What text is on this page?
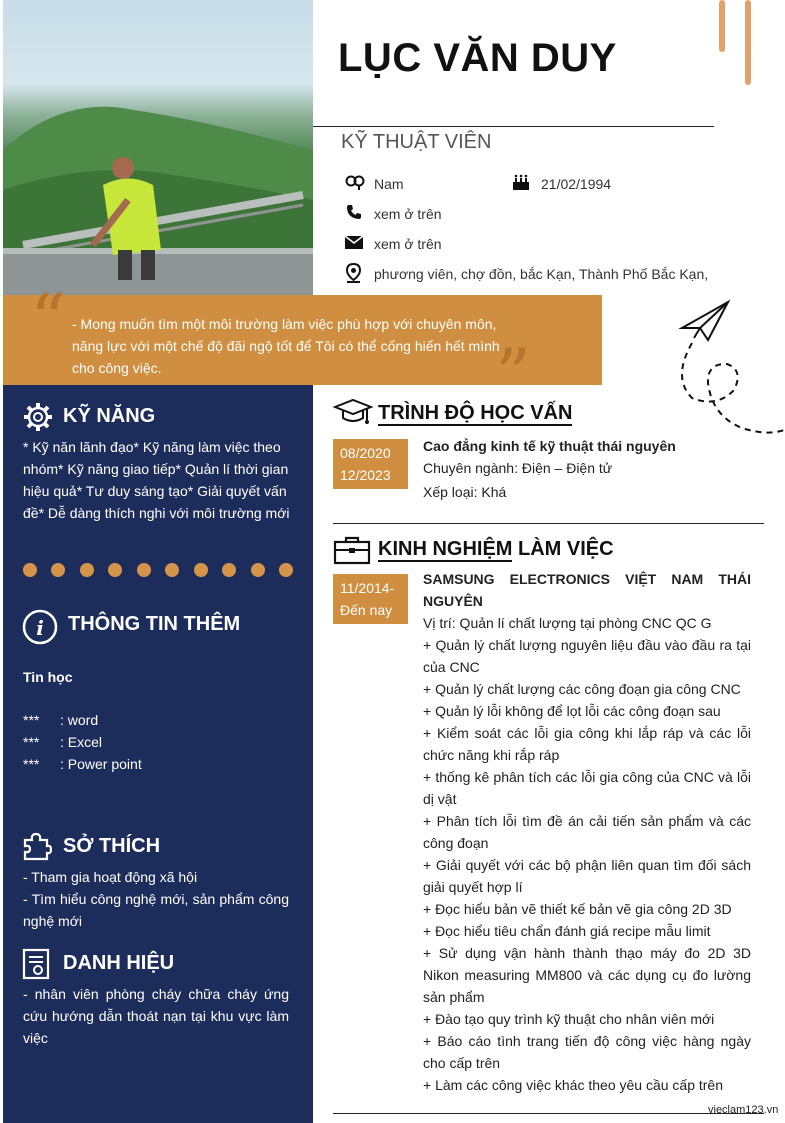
“
”
- Mong muốn tìm một môi trường làm việc phù hợp với chuyên môn, năng lực với một chế độ đãi ngộ tốt để Tôi có thể cống hiến hết mình cho công việc.
LỤC VĂN DUY
KỸ THUẬT VIÊN
Nam	21/02/1994
xem ở trên
xem ở trên
phương viên, chợ đồn, bắc Kạn, Thành Phố Bắc Kạn,
KỸ NĂNG
* Kỹ năn lãnh đạo* Kỹ năng làm việc theo nhóm* Kỹ năng giao tiếp* Quản lí thời gian hiệu quả* Tư duy sáng tạo* Giải quyết vấn đề* Dễ dàng thích nghi với môi trường mới
i THÔNG TIN THÊM
Tin học
*** : word
*** : Excel
*** : Power point
SỞ THÍCH
- Tham gia hoạt động xã hội
- Tìm hiểu công nghệ mới, sản phẩm công nghệ mới
DANH HIỆU
- nhân viên phòng cháy chữa cháy ứng cứu hướng dẫn thoát nạn tại khu vực làm việc
TRÌNH ĐỘ HỌC VẤN
08/2020
12/2023
Cao đẳng kinh tế kỹ thuật thái nguyên
Chuyên ngành: Điện – Điện tử
Xếp loại: Khá
KINH NGHIỆM LÀM VIỆC
11/2014-
Đến nay
SAMSUNG ELECTRONICS VIỆT NAM THÁI NGUYÊN
Vị trí: Quản lí chất lượng tại phòng CNC QC G
+ Quản lý chất lượng nguyên liệu đầu vào đầu ra tại của CNC
+ Quản lý chất lượng các công đoạn gia công CNC
+ Quản lý lỗi không để lọt lỗi các công đoạn sau
+ Kiểm soát các lỗi gia công khi lắp ráp và các lỗi chức năng khi rắp ráp
+ thống kê phân tích các lỗi gia công của CNC và lỗi dị vật
+ Phân tích lỗi tìm đề án cải tiến sản phẩm và các công đoạn
+ Giải quyết với các bộ phận liên quan tìm đối sách giải quyết hợp lí
+ Đọc hiểu bản vẽ thiết kế bản vẽ gia công 2D 3D
+ Đọc hiểu tiêu chẩn đánh giá recipe mẫu limit
+ Sử dụng vận hành thành thạo máy đo 2D 3D Nikon measuring MM800 và các dụng cụ đo lường sản phẩm
+ Đào tạo quy trình kỹ thuật cho nhân viên mới
+ Báo cáo tình trang tiến độ công việc hàng ngày cho cấp trên
+ Làm các công việc khác theo yêu cầu cấp trên
vieclam123.vn
